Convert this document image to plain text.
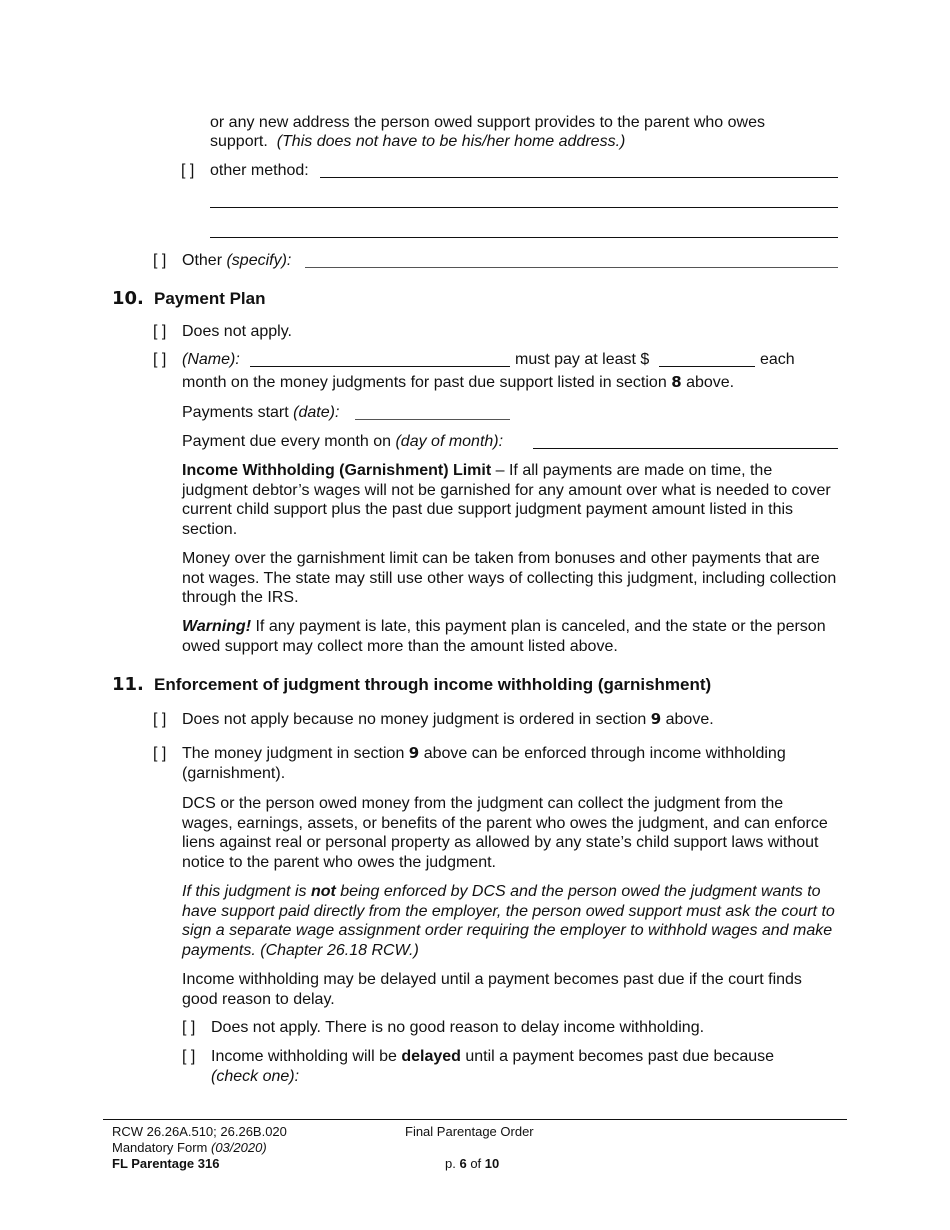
or any new address the person owed support provides to the parent who owes
support. (This does not have to be his/her home address.)
[ ] other method:
[ ] Other (specify):
10. Payment Plan
[ ] Does not apply.
[ ] (Name):	must pay at least $	each
month on the money judgments for past due support listed in section 8 above.
Payments start (date):
Payment due every month on (day of month):
Income Withholding (Garnishment) Limit – If all payments are made on time, the judgment debtor’s wages will not be garnished for any amount over what is needed to cover current child support plus the past due support judgment payment amount listed in this section.
Money over the garnishment limit can be taken from bonuses and other payments that are not wages. The state may still use other ways of collecting this judgment, including collection through the IRS.
Warning! If any payment is late, this payment plan is canceled, and the state or the person owed support may collect more than the amount listed above.
11. Enforcement of judgment through income withholding (garnishment)
[ ] Does not apply because no money judgment is ordered in section 9 above.
[ ] The money judgment in section 9 above can be enforced through income withholding (garnishment).
DCS or the person owed money from the judgment can collect the judgment from the wages, earnings, assets, or benefits of the parent who owes the judgment, and can enforce liens against real or personal property as allowed by any state’s child support laws without notice to the parent who owes the judgment.
If this judgment is not being enforced by DCS and the person owed the judgment wants to have support paid directly from the employer, the person owed support must ask the court to sign a separate wage assignment order requiring the employer to withhold wages and make payments. (Chapter 26.18 RCW.)
Income withholding may be delayed until a payment becomes past due if the court finds good reason to delay.
[ ] Does not apply. There is no good reason to delay income withholding.
[ ] Income withholding will be delayed until a payment becomes past due because
(check one):
RCW 26.26A.510; 26.26B.020
Mandatory Form (03/2020)
FL Parentage 316
Final Parentage Order
p. 6 of 10
